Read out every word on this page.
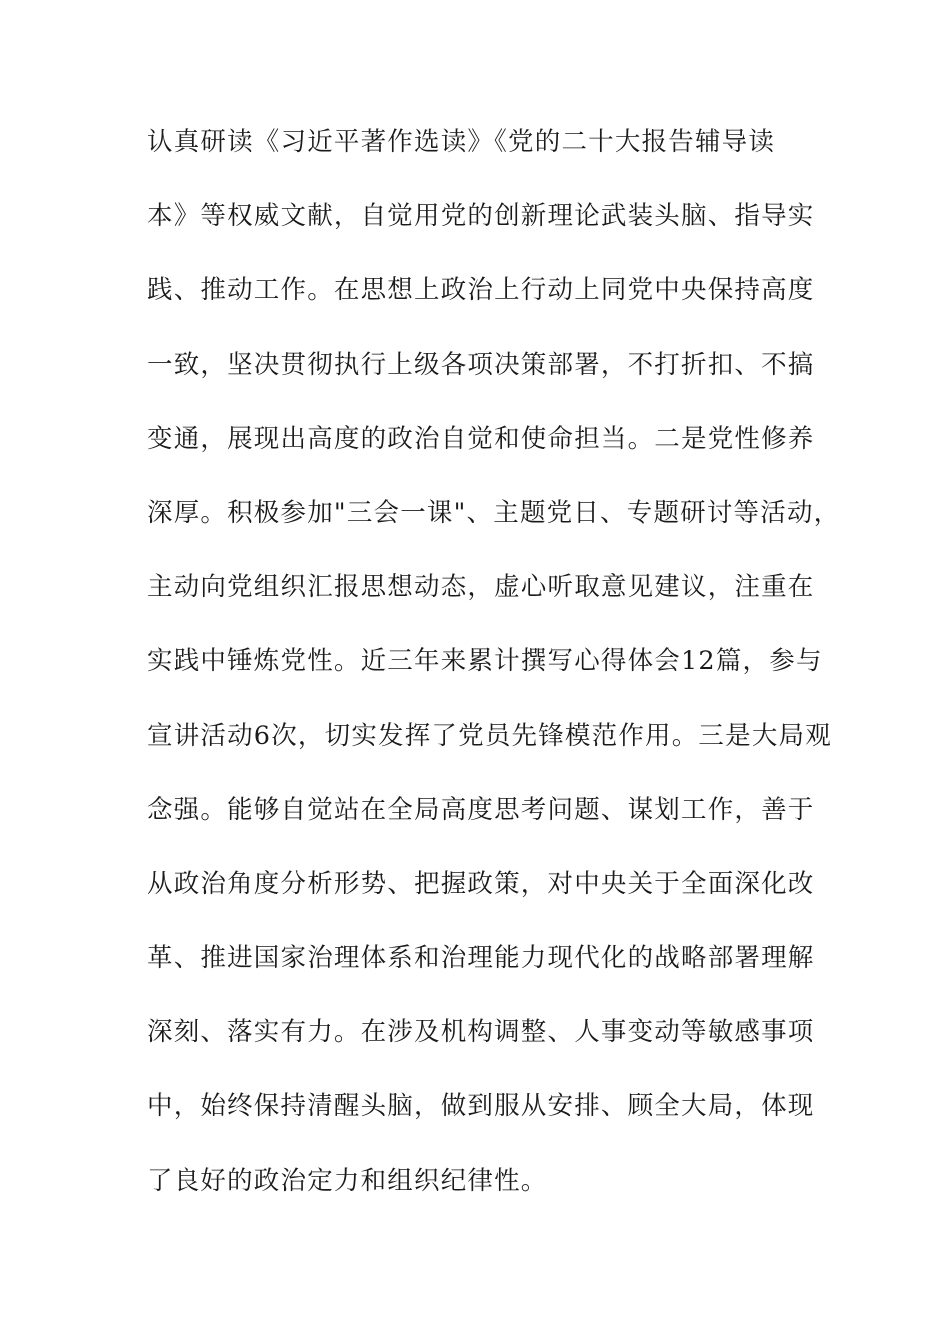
认真研读《习近平著作选读》《党的二十大报告辅导读
本》等权威文献，自觉用党的创新理论武装头脑、指导实
践、推动工作。在思想上政治上行动上同党中央保持高度
一致，坚决贯彻执行上级各项决策部署，不打折扣、不搞
变通，展现出高度的政治自觉和使命担当。二是党性修养
深厚。积极参加"三会一课"、主题党日、专题研讨等活动，
主动向党组织汇报思想动态，虚心听取意见建议，注重在
实践中锤炼党性。近三年来累计撰写心得体会12篇，参与
宣讲活动6次，切实发挥了党员先锋模范作用。三是大局观
念强。能够自觉站在全局高度思考问题、谋划工作，善于
从政治角度分析形势、把握政策，对中央关于全面深化改
革、推进国家治理体系和治理能力现代化的战略部署理解
深刻、落实有力。在涉及机构调整、人事变动等敏感事项
中，始终保持清醒头脑，做到服从安排、顾全大局，体现
了良好的政治定力和组织纪律性。
